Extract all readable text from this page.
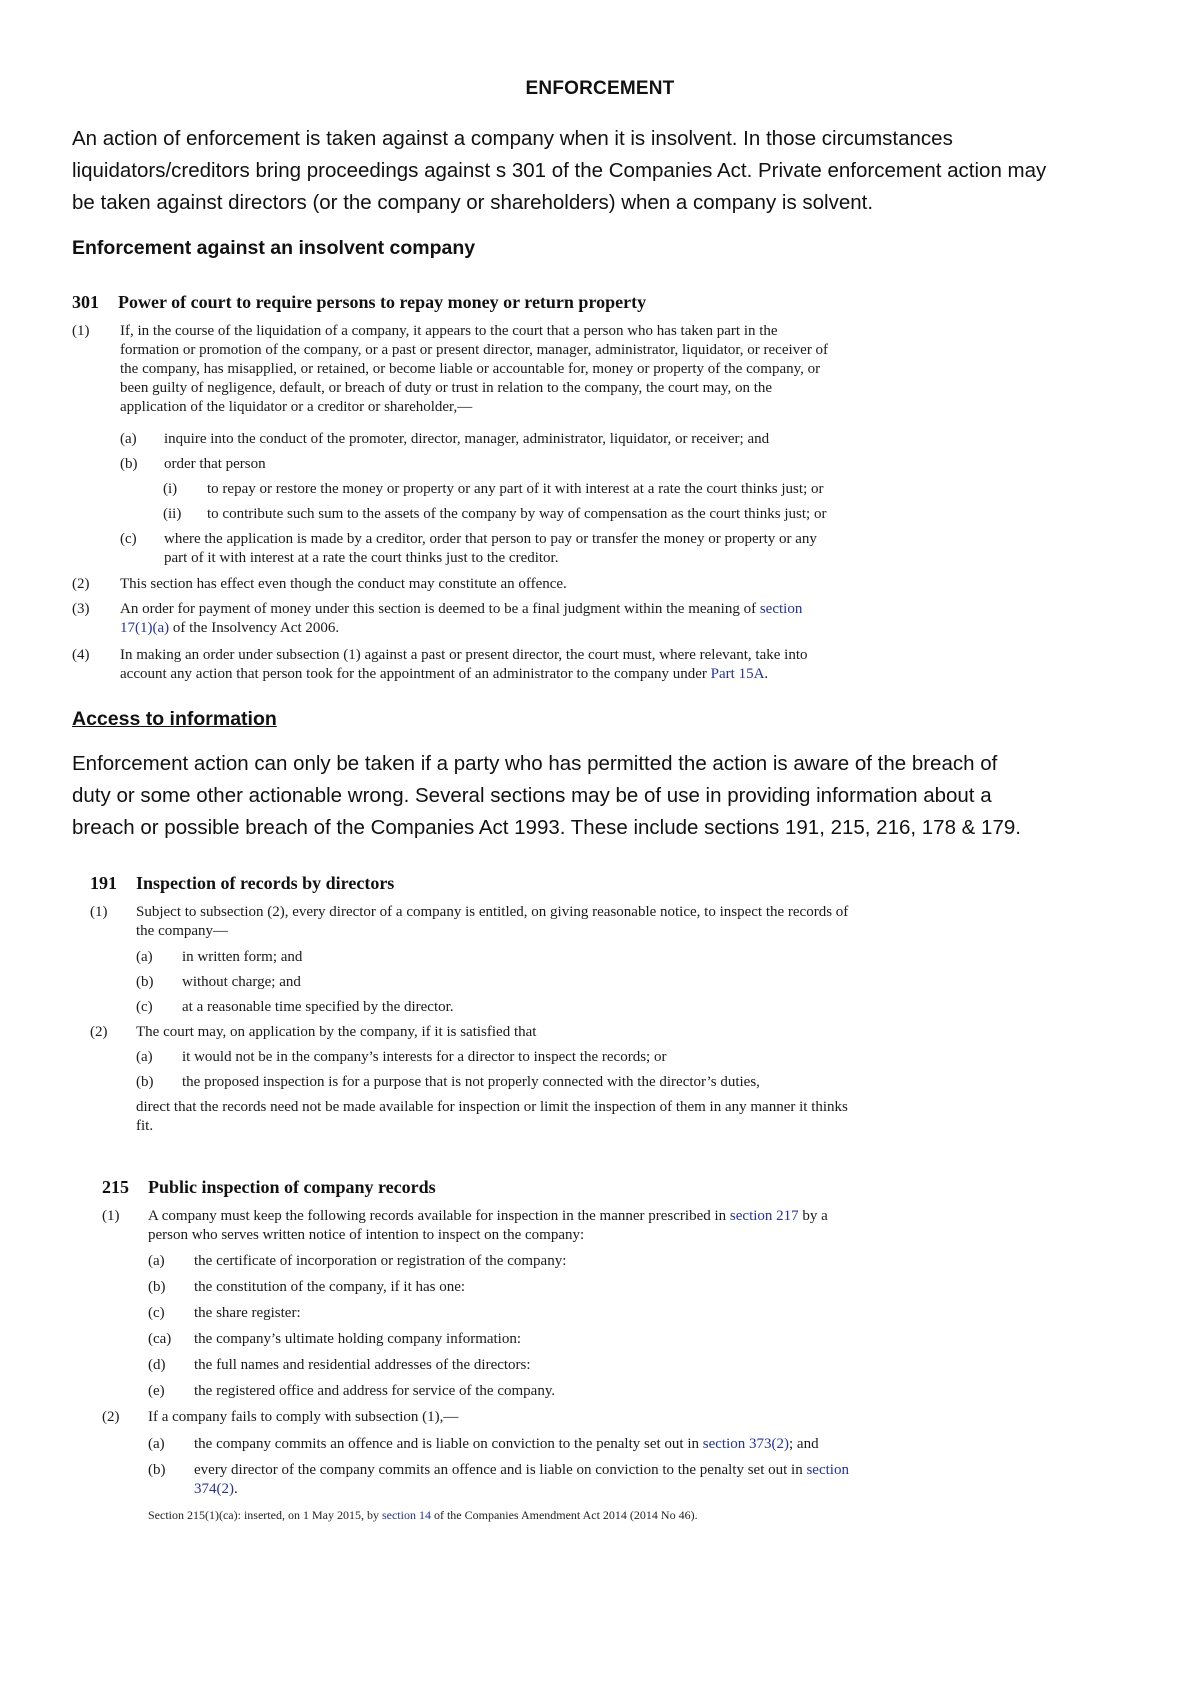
ENFORCEMENT
An action of enforcement is taken against a company when it is insolvent. In those circumstances
liquidators/creditors bring proceedings against s 301 of the Companies Act. Private enforcement action may
be taken against directors (or the company or shareholders) when a company is solvent.
Enforcement against an insolvent company
301 Power of court to require persons to repay money or return property
(1) If, in the course of the liquidation of a company, it appears to the court that a person who has taken part in the
formation or promotion of the company, or a past or present director, manager, administrator, liquidator, or receiver of
the company, has misapplied, or retained, or become liable or accountable for, money or property of the company, or
been guilty of negligence, default, or breach of duty or trust in relation to the company, the court may, on the
application of the liquidator or a creditor or shareholder,—
(a) inquire into the conduct of the promoter, director, manager, administrator, liquidator, or receiver; and
(b) order that person
(i) to repay or restore the money or property or any part of it with interest at a rate the court thinks just; or
(ii) to contribute such sum to the assets of the company by way of compensation as the court thinks just; or
(c) where the application is made by a creditor, order that person to pay or transfer the money or property or any
part of it with interest at a rate the court thinks just to the creditor.
(2) This section has effect even though the conduct may constitute an offence.
(3) An order for payment of money under this section is deemed to be a final judgment within the meaning of section
17(1)(a) of the Insolvency Act 2006.
(4) In making an order under subsection (1) against a past or present director, the court must, where relevant, take into
account any action that person took for the appointment of an administrator to the company under Part 15A.
Access to information
Enforcement action can only be taken if a party who has permitted the action is aware of the breach of
duty or some other actionable wrong. Several sections may be of use in providing information about a
breach or possible breach of the Companies Act 1993. These include sections 191, 215, 216, 178 & 179.
191 Inspection of records by directors
(1) Subject to subsection (2), every director of a company is entitled, on giving reasonable notice, to inspect the records of
the company—
(a) in written form; and
(b) without charge; and
(c) at a reasonable time specified by the director.
(2) The court may, on application by the company, if it is satisfied that
(a) it would not be in the company’s interests for a director to inspect the records; or
(b) the proposed inspection is for a purpose that is not properly connected with the director’s duties,
direct that the records need not be made available for inspection or limit the inspection of them in any manner it thinks
fit.
215 Public inspection of company records
(1) A company must keep the following records available for inspection in the manner prescribed in section 217 by a
person who serves written notice of intention to inspect on the company:
(a) the certificate of incorporation or registration of the company:
(b) the constitution of the company, if it has one:
(c) the share register:
(ca) the company’s ultimate holding company information:
(d) the full names and residential addresses of the directors:
(e) the registered office and address for service of the company.
(2) If a company fails to comply with subsection (1),—
(a) the company commits an offence and is liable on conviction to the penalty set out in section 373(2); and
(b) every director of the company commits an offence and is liable on conviction to the penalty set out in section
374(2).
Section 215(1)(ca): inserted, on 1 May 2015, by section 14 of the Companies Amendment Act 2014 (2014 No 46).
